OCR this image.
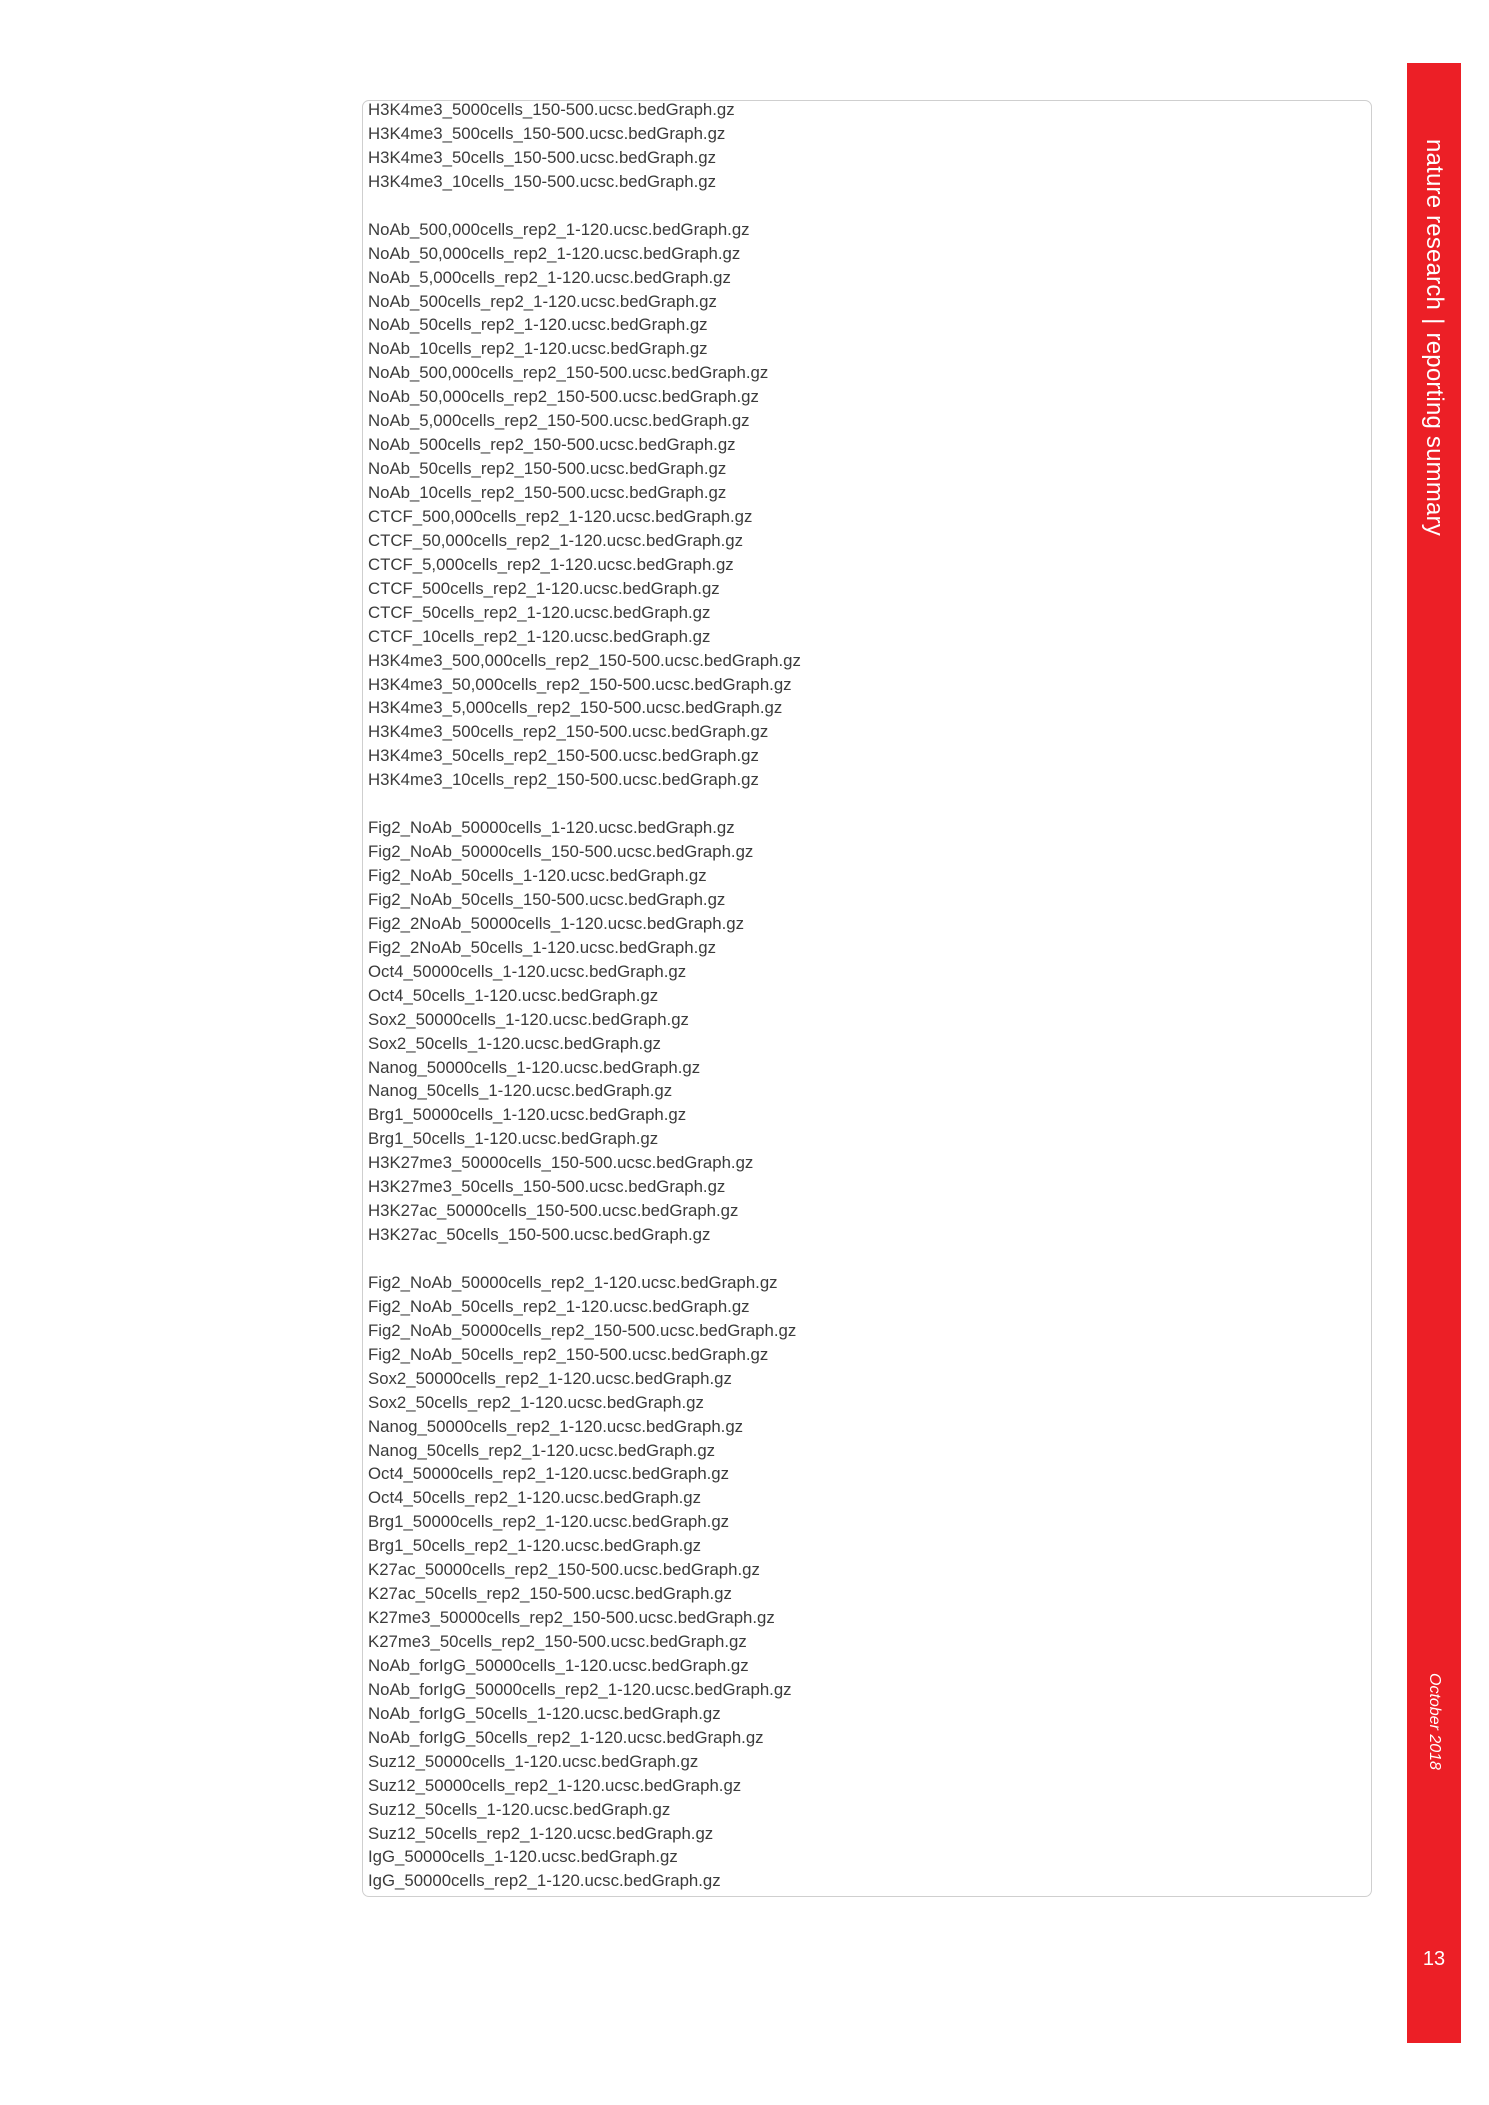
H3K4me3_5000cells_150-500.ucsc.bedGraph.gz
H3K4me3_500cells_150-500.ucsc.bedGraph.gz
H3K4me3_50cells_150-500.ucsc.bedGraph.gz
H3K4me3_10cells_150-500.ucsc.bedGraph.gz
NoAb_500,000cells_rep2_1-120.ucsc.bedGraph.gz
NoAb_50,000cells_rep2_1-120.ucsc.bedGraph.gz
NoAb_5,000cells_rep2_1-120.ucsc.bedGraph.gz
NoAb_500cells_rep2_1-120.ucsc.bedGraph.gz
NoAb_50cells_rep2_1-120.ucsc.bedGraph.gz
NoAb_10cells_rep2_1-120.ucsc.bedGraph.gz
NoAb_500,000cells_rep2_150-500.ucsc.bedGraph.gz
NoAb_50,000cells_rep2_150-500.ucsc.bedGraph.gz
NoAb_5,000cells_rep2_150-500.ucsc.bedGraph.gz
NoAb_500cells_rep2_150-500.ucsc.bedGraph.gz
NoAb_50cells_rep2_150-500.ucsc.bedGraph.gz
NoAb_10cells_rep2_150-500.ucsc.bedGraph.gz
CTCF_500,000cells_rep2_1-120.ucsc.bedGraph.gz
CTCF_50,000cells_rep2_1-120.ucsc.bedGraph.gz
CTCF_5,000cells_rep2_1-120.ucsc.bedGraph.gz
CTCF_500cells_rep2_1-120.ucsc.bedGraph.gz
CTCF_50cells_rep2_1-120.ucsc.bedGraph.gz
CTCF_10cells_rep2_1-120.ucsc.bedGraph.gz
H3K4me3_500,000cells_rep2_150-500.ucsc.bedGraph.gz
H3K4me3_50,000cells_rep2_150-500.ucsc.bedGraph.gz
H3K4me3_5,000cells_rep2_150-500.ucsc.bedGraph.gz
H3K4me3_500cells_rep2_150-500.ucsc.bedGraph.gz
H3K4me3_50cells_rep2_150-500.ucsc.bedGraph.gz
H3K4me3_10cells_rep2_150-500.ucsc.bedGraph.gz
Fig2_NoAb_50000cells_1-120.ucsc.bedGraph.gz
Fig2_NoAb_50000cells_150-500.ucsc.bedGraph.gz
Fig2_NoAb_50cells_1-120.ucsc.bedGraph.gz
Fig2_NoAb_50cells_150-500.ucsc.bedGraph.gz
Fig2_2NoAb_50000cells_1-120.ucsc.bedGraph.gz
Fig2_2NoAb_50cells_1-120.ucsc.bedGraph.gz
Oct4_50000cells_1-120.ucsc.bedGraph.gz
Oct4_50cells_1-120.ucsc.bedGraph.gz
Sox2_50000cells_1-120.ucsc.bedGraph.gz
Sox2_50cells_1-120.ucsc.bedGraph.gz
Nanog_50000cells_1-120.ucsc.bedGraph.gz
Nanog_50cells_1-120.ucsc.bedGraph.gz
Brg1_50000cells_1-120.ucsc.bedGraph.gz
Brg1_50cells_1-120.ucsc.bedGraph.gz
H3K27me3_50000cells_150-500.ucsc.bedGraph.gz
H3K27me3_50cells_150-500.ucsc.bedGraph.gz
H3K27ac_50000cells_150-500.ucsc.bedGraph.gz
H3K27ac_50cells_150-500.ucsc.bedGraph.gz
Fig2_NoAb_50000cells_rep2_1-120.ucsc.bedGraph.gz
Fig2_NoAb_50cells_rep2_1-120.ucsc.bedGraph.gz
Fig2_NoAb_50000cells_rep2_150-500.ucsc.bedGraph.gz
Fig2_NoAb_50cells_rep2_150-500.ucsc.bedGraph.gz
Sox2_50000cells_rep2_1-120.ucsc.bedGraph.gz
Sox2_50cells_rep2_1-120.ucsc.bedGraph.gz
Nanog_50000cells_rep2_1-120.ucsc.bedGraph.gz
Nanog_50cells_rep2_1-120.ucsc.bedGraph.gz
Oct4_50000cells_rep2_1-120.ucsc.bedGraph.gz
Oct4_50cells_rep2_1-120.ucsc.bedGraph.gz
Brg1_50000cells_rep2_1-120.ucsc.bedGraph.gz
Brg1_50cells_rep2_1-120.ucsc.bedGraph.gz
K27ac_50000cells_rep2_150-500.ucsc.bedGraph.gz
K27ac_50cells_rep2_150-500.ucsc.bedGraph.gz
K27me3_50000cells_rep2_150-500.ucsc.bedGraph.gz
K27me3_50cells_rep2_150-500.ucsc.bedGraph.gz
NoAb_forIgG_50000cells_1-120.ucsc.bedGraph.gz
NoAb_forIgG_50000cells_rep2_1-120.ucsc.bedGraph.gz
NoAb_forIgG_50cells_1-120.ucsc.bedGraph.gz
NoAb_forIgG_50cells_rep2_1-120.ucsc.bedGraph.gz
Suz12_50000cells_1-120.ucsc.bedGraph.gz
Suz12_50000cells_rep2_1-120.ucsc.bedGraph.gz
Suz12_50cells_1-120.ucsc.bedGraph.gz
Suz12_50cells_rep2_1-120.ucsc.bedGraph.gz
IgG_50000cells_1-120.ucsc.bedGraph.gz
IgG_50000cells_rep2_1-120.ucsc.bedGraph.gz
nature research|reporting summary
October 2018
13
